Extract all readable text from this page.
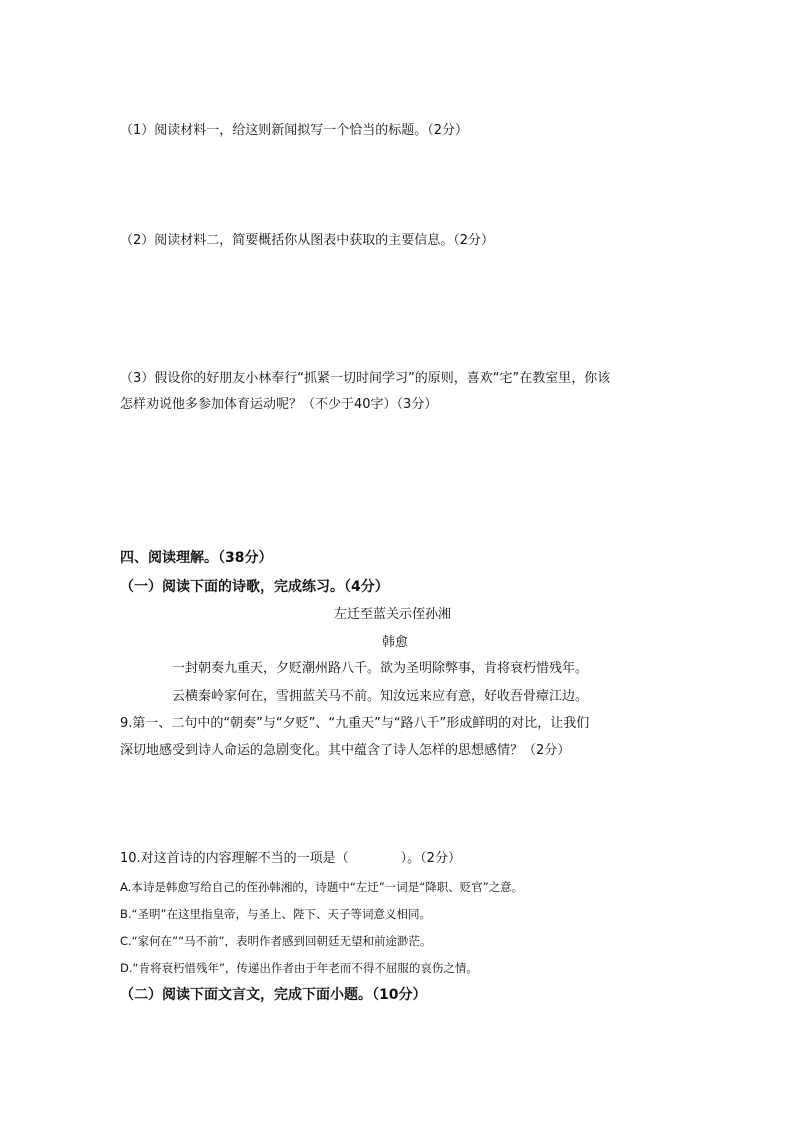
（1）阅读材料一，给这则新闻拟写一个恰当的标题。（2分）
（2）阅读材料二，简要概括你从图表中获取的主要信息。（2分）
（3）假设你的好朋友小林奉行“抓紧一切时间学习”的原则，喜欢“宅”在教室里，你该
怎样劝说他多参加体育运动呢？（不少于40字）（3分）
四、阅读理解。（38分）
（一）阅读下面的诗歌，完成练习。（4分）
左迁至蓝关示侄孙湘
韩愈
一封朝奏九重天，夕贬潮州路八千。欲为圣明除弊事，肯将衰朽惜残年。
云横秦岭家何在，雪拥蓝关马不前。知汝远来应有意，好收吾骨瘴江边。
9.第一、二句中的“朝奏”与“夕贬”、“九重天”与“路八千”形成鲜明的对比，让我们
深切地感受到诗人命运的急剧变化。其中蕴含了诗人怎样的思想感情？（2分）
10.对这首诗的内容理解不当的一项是（　　　　）。（2分）
A.本诗是韩愈写给自己的侄孙韩湘的，诗题中“左迁”一词是“降职、贬官”之意。
B.“圣明”在这里指皇帝，与圣上、陛下、天子等词意义相同。
C.“家何在”“马不前”，表明作者感到回朝廷无望和前途渺茫。
D.“肯将衰朽惜残年”，传递出作者由于年老而不得不屈服的哀伤之情。
（二）阅读下面文言文，完成下面小题。（10分）
